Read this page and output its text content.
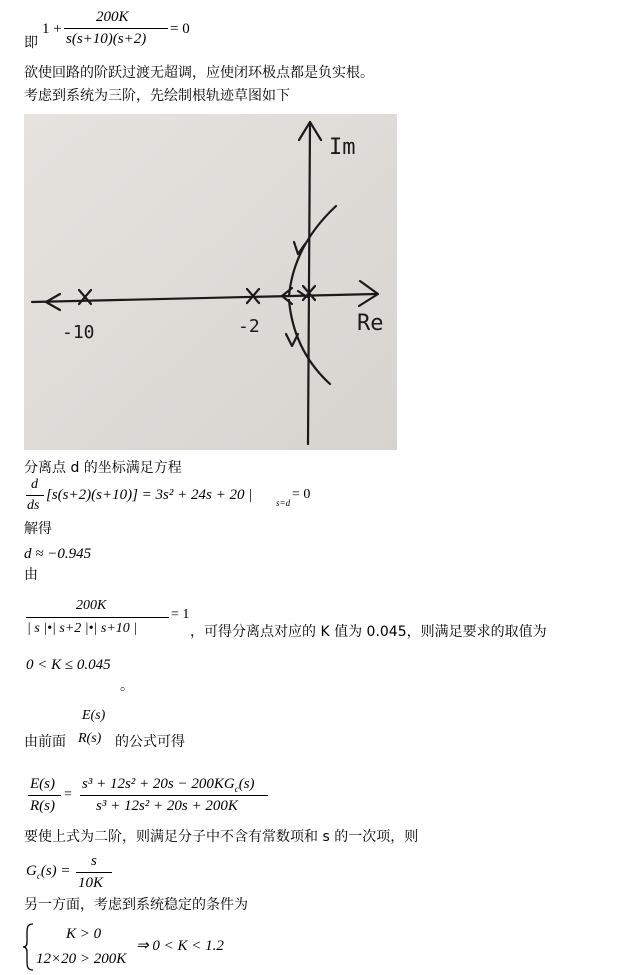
即
1 +
200K
s(s+10)(s+2)
= 0
欲使回路的阶跃过渡无超调，应使闭环极点都是负实根。
考虑到系统为三阶，先绘制根轨迹草图如下
Im
Re
-10	-2
分离点 d 的坐标满足方程
d
ds
[s(s+2)(s+10)] = 3s² + 24s + 20 |	s=d
= 0
解得
d ≈ −0.945
由
200K
| s |•| s+2 |•| s+10 |
= 1
，可得分离点对应的 K 值为 0.045，则满足要求的取值为
0 < K ≤ 0.045
。
E(s)
由前面 R(s) 的公式可得
E(s)
R(s)
=
$s^3 + 12s^2 + 20s - 200KG_c(s)$
s³ + 12s² + 20s + 200K
要使上式为二阶，则满足分子中不含有常数项和 s 的一次项，则
$G_c(s)$ =
s
10K
另一方面，考虑到系统稳定的条件为
K > 0
12×20 > 200K
⇒ 0 < K < 1.2
